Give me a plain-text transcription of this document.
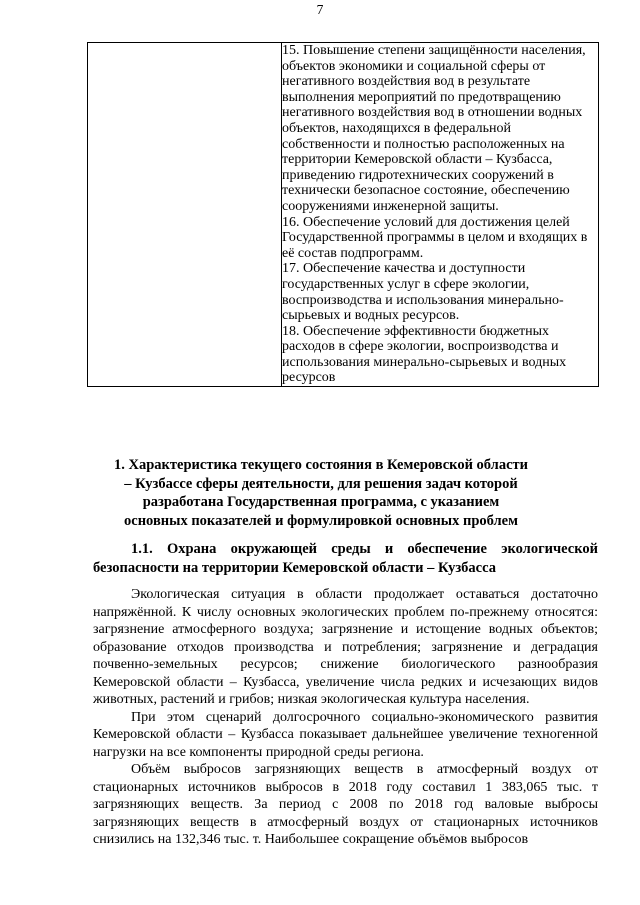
7

15. Повышение степени защищённости населения, объектов экономики и социальной сферы от негативного воздействия вод в результате выполнения мероприятий по предотвращению негативного воздействия вод в отношении водных объектов, находящихся в федеральной собственности и полностью расположенных на территории Кемеровской области – Кузбасса, приведению гидротехнических сооружений в технически безопасное состояние, обеспечению сооружениями инженерной защиты.

16. Обеспечение условий для достижения целей Государственной программы в целом и входящих в её состав подпрограмм.

17. Обеспечение качества и доступности государственных услуг в сфере экологии, воспроизводства и использования минерально-сырьевых и водных ресурсов.

18. Обеспечение эффективности бюджетных расходов в сфере экологии, воспроизводства и использования минерально-сырьевых и водных ресурсов

1. Характеристика текущего состояния в Кемеровской области – Кузбассе сферы деятельности, для решения задач которой разработана Государственная программа, с указанием основных показателей и формулировкой основных проблем

1.1. Охрана окружающей среды и обеспечение экологической безопасности на территории Кемеровской области – Кузбасса

Экологическая ситуация в области продолжает оставаться достаточно напряжённой. К числу основных экологических проблем по-прежнему относятся: загрязнение атмосферного воздуха; загрязнение и истощение водных объектов; образование отходов производства и потребления; загрязнение и деградация почвенно-земельных ресурсов; снижение биологического разнообразия Кемеровской области – Кузбасса, увеличение числа редких и исчезающих видов животных, растений и грибов; низкая экологическая культура населения.

При этом сценарий долгосрочного социально-экономического развития Кемеровской области – Кузбасса показывает дальнейшее увеличение техногенной нагрузки на все компоненты природной среды региона.

Объём выбросов загрязняющих веществ в атмосферный воздух от стационарных источников выбросов в 2018 году составил 1 383,065 тыс. т загрязняющих веществ. За период с 2008 по 2018 год валовые выбросы загрязняющих веществ в атмосферный воздух от стационарных источников снизились на 132,346 тыс. т. Наибольшее сокращение объёмов выбросов
